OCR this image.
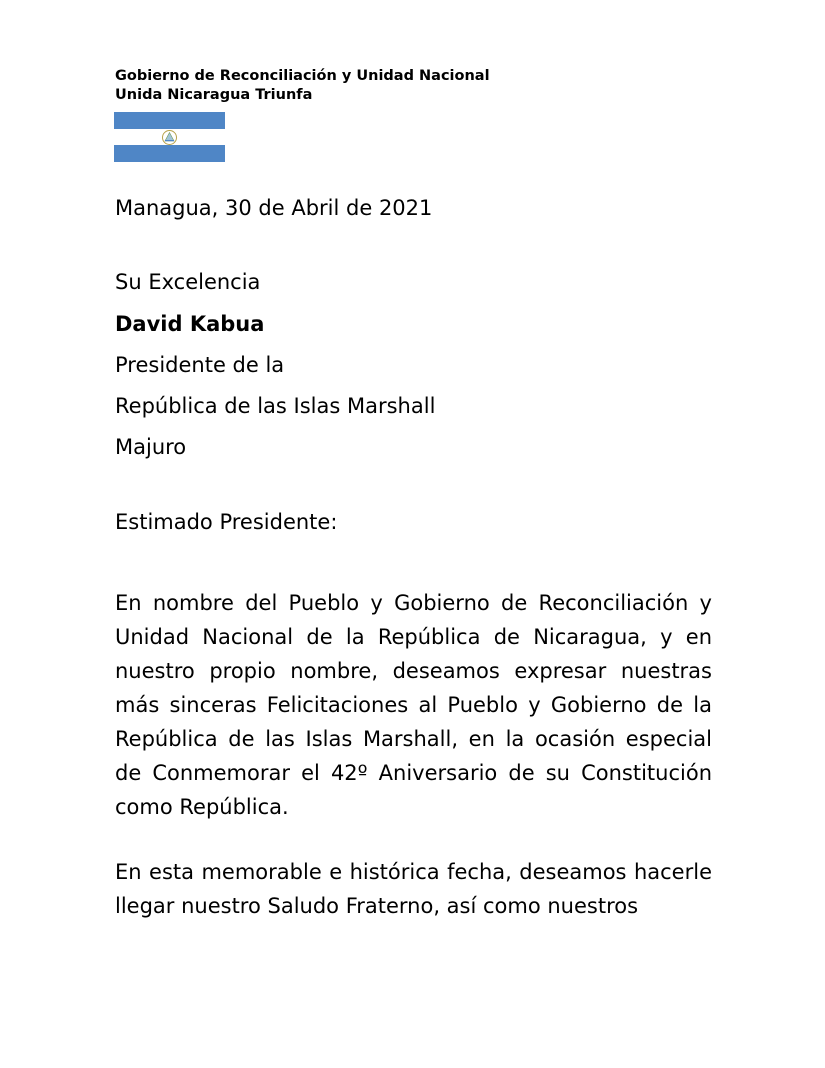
Gobierno de Reconciliación y Unidad Nacional
Unida Nicaragua Triunfa
Managua, 30 de Abril de 2021
Su Excelencia
David Kabua
Presidente de la
República de las Islas Marshall
Majuro
Estimado Presidente:
En nombre del Pueblo y Gobierno de Reconciliación y Unidad Nacional de la República de Nicaragua, y en nuestro propio nombre, deseamos expresar nuestras más sinceras Felicitaciones al Pueblo y Gobierno de la República de las Islas Marshall, en la ocasión especial de Conmemorar el 42º Aniversario de su Constitución como República.
En esta memorable e histórica fecha, deseamos hacerle llegar nuestro Saludo Fraterno, así como nuestros
